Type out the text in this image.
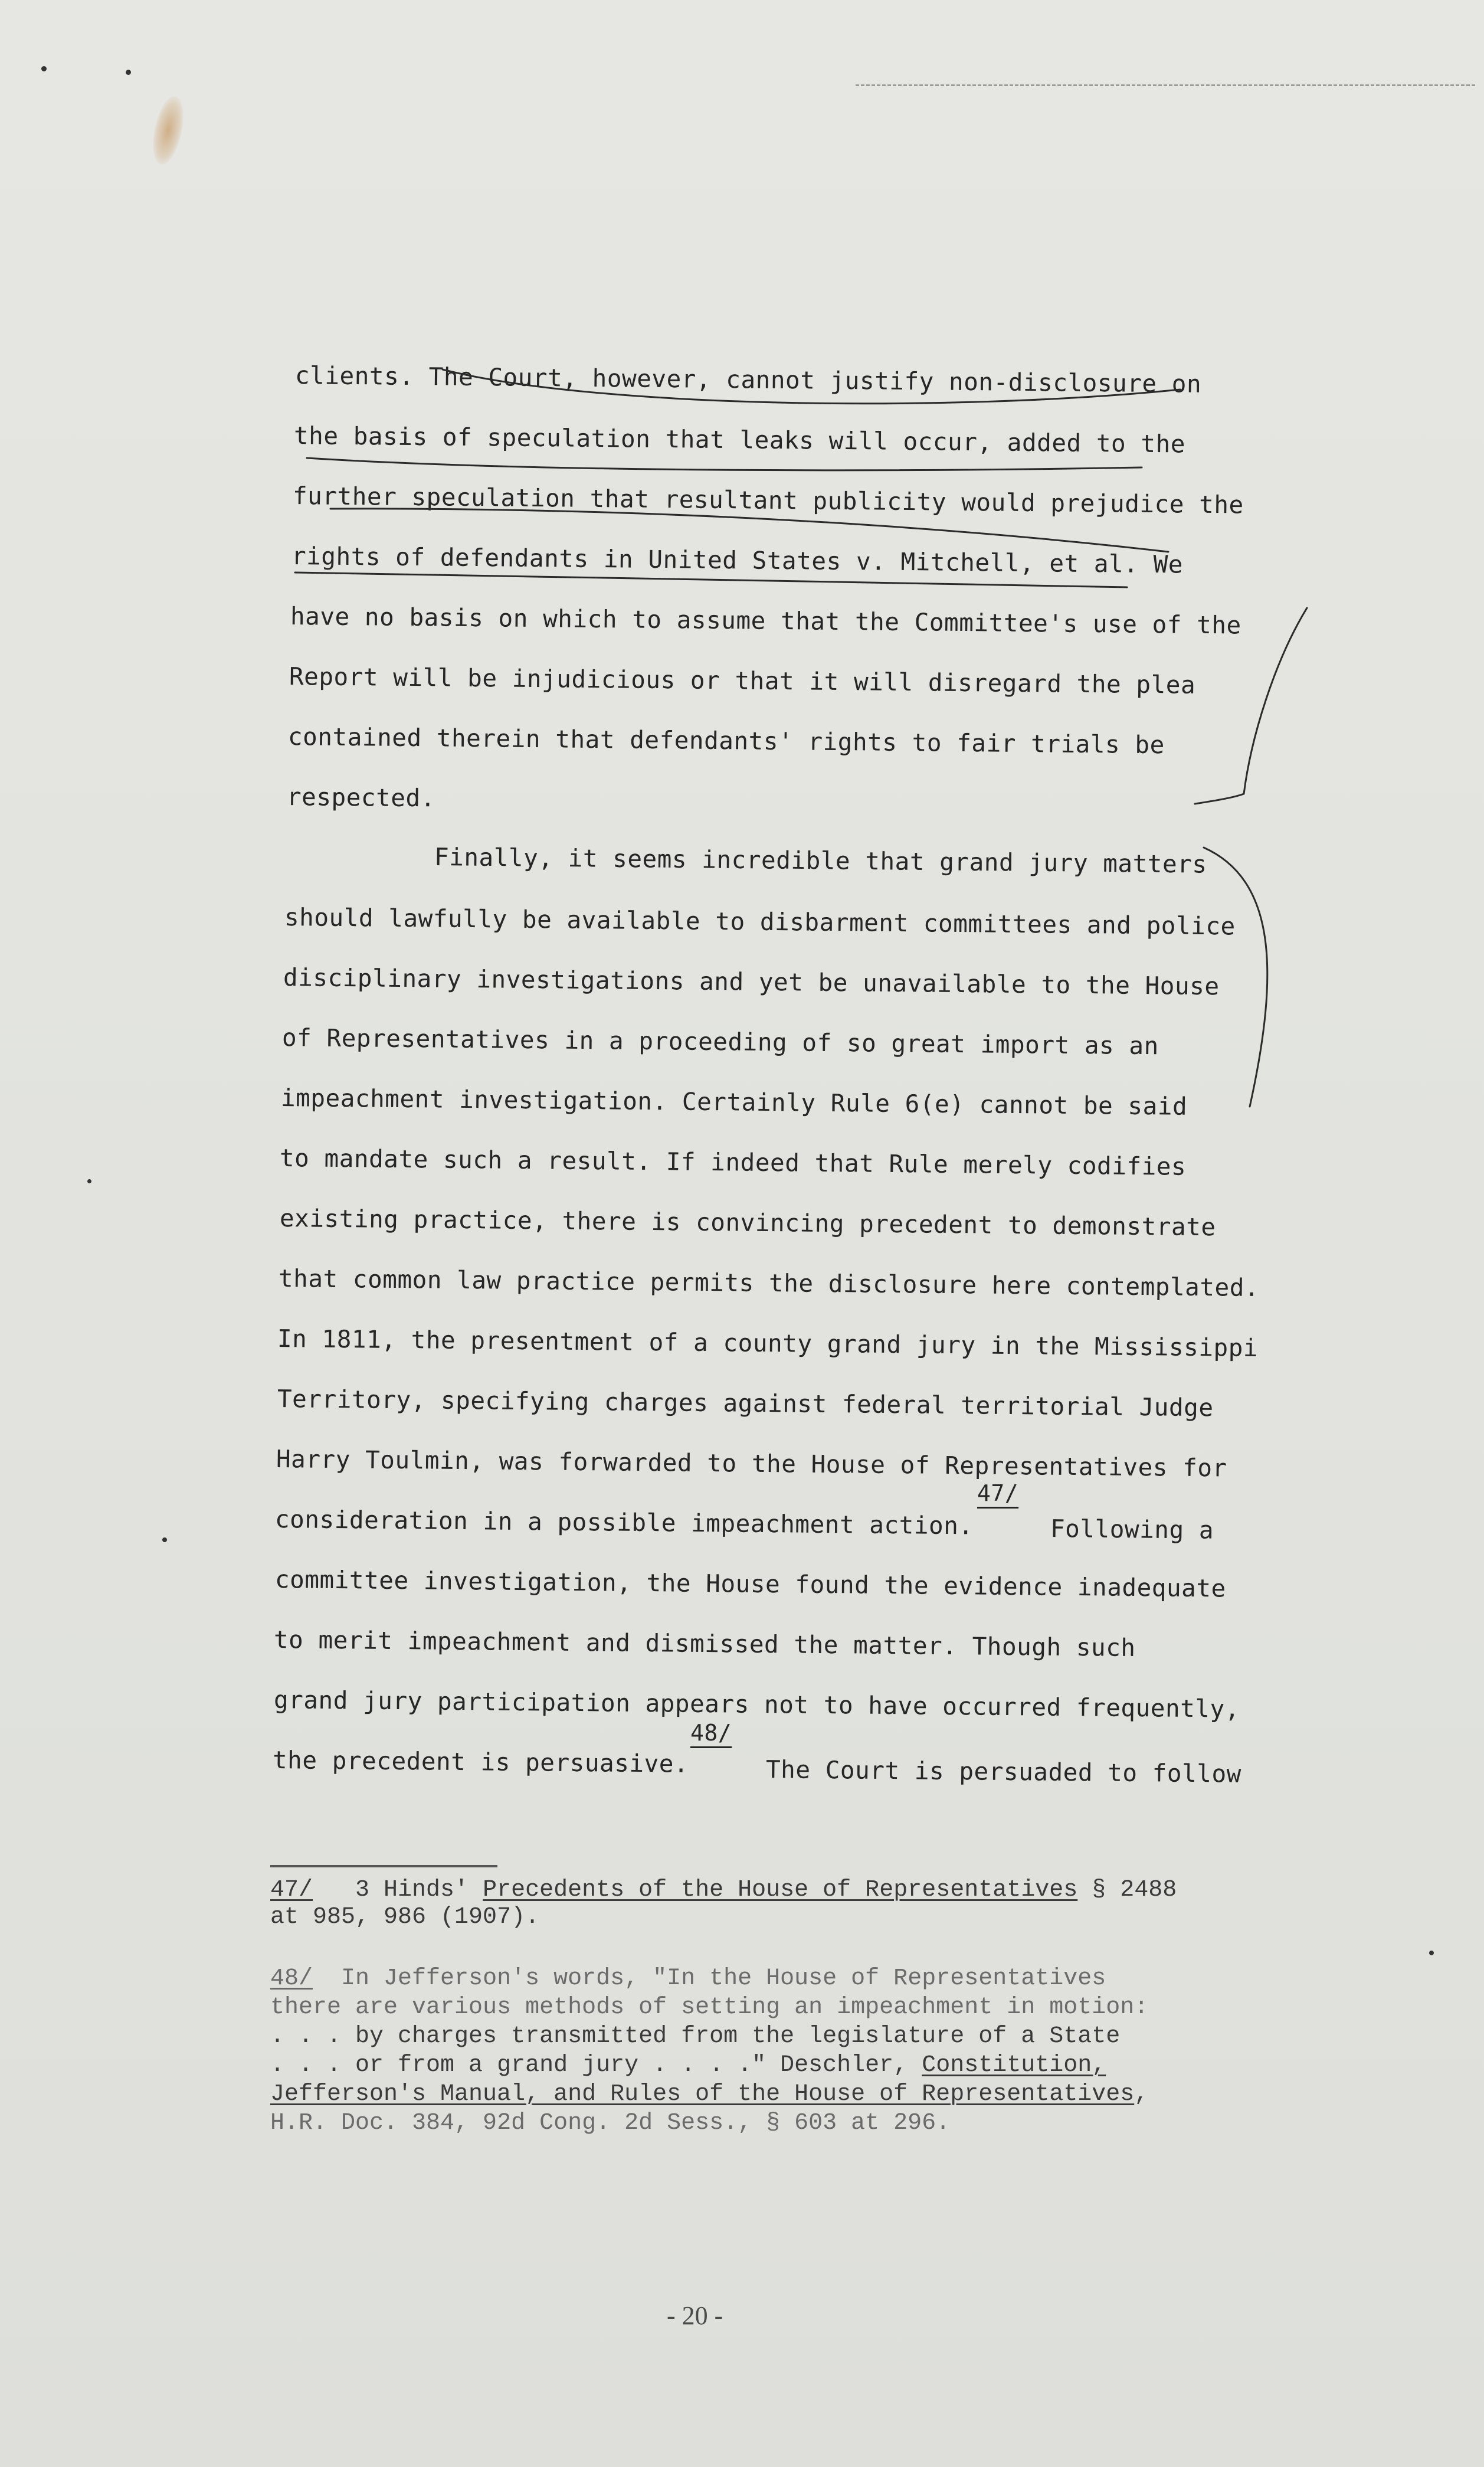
clients. The Court, however, cannot justify non-disclosure on
the basis of speculation that leaks will occur, added to the
further speculation that resultant publicity would prejudice the
rights of defendants in United States v. Mitchell, et al. We
have no basis on which to assume that the Committee's use of the
Report will be injudicious or that it will disregard the plea
contained therein that defendants' rights to fair trials be
respected.
Finally, it seems incredible that grand jury matters
should lawfully be available to disbarment committees and police
disciplinary investigations and yet be unavailable to the House
of Representatives in a proceeding of so great import as an
impeachment investigation. Certainly Rule 6(e) cannot be said
to mandate such a result. If indeed that Rule merely codifies
existing practice, there is convincing precedent to demonstrate
that common law practice permits the disclosure here contemplated.
In 1811, the presentment of a county grand jury in the Mississippi
Territory, specifying charges against federal territorial Judge
Harry Toulmin, was forwarded to the House of Representatives for
consideration in a possible impeachment action.
47/
Following a
committee investigation, the House found the evidence inadequate
to merit impeachment and dismissed the matter. Though such
grand jury participation appears not to have occurred frequently,
the precedent is persuasive.
48/
The Court is persuaded to follow
47/ 3 Hinds' Precedents of the House of Representatives § 2488
at 985, 986 (1907).
48/ In Jefferson's words, "In the House of Representatives
there are various methods of setting an impeachment in motion:
. . . by charges transmitted from the legislature of a State
. . . or from a grand jury . . . ." Deschler, Constitution,
Jefferson's Manual, and Rules of the House of Representatives,
H.R. Doc. 384, 92d Cong. 2d Sess., § 603 at 296.
- 20 -
